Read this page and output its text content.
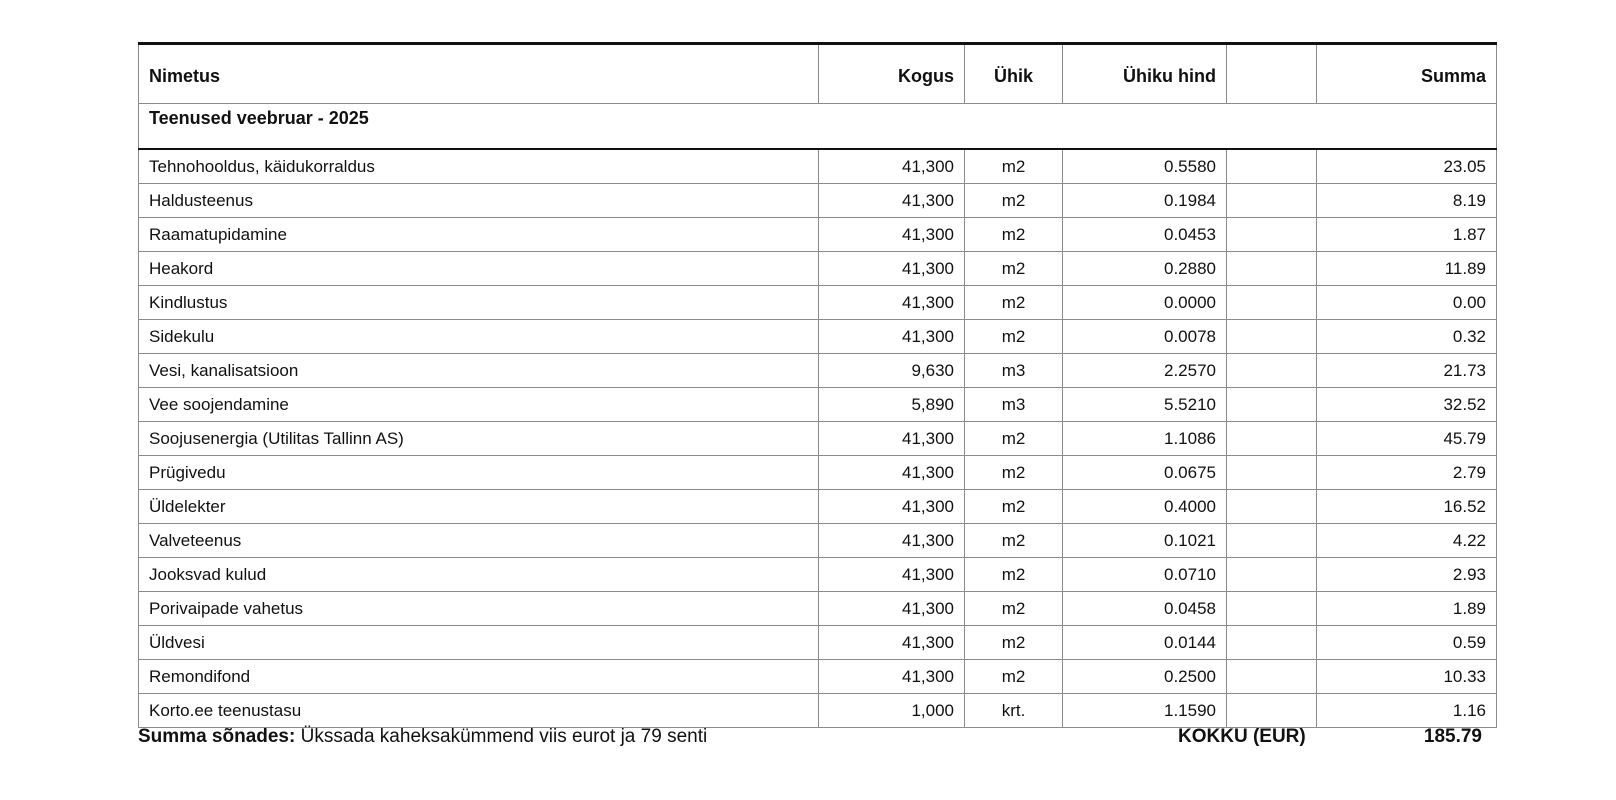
Nimetus	Kogus	Ühik	Ühiku hind		Summa
Teenused veebruar - 2025					
Tehnohooldus, käidukorraldus	41,300	m2	0.5580		23.05
Haldusteenus	41,300	m2	0.1984		8.19
Raamatupidamine	41,300	m2	0.0453		1.87
Heakord	41,300	m2	0.2880		11.89
Kindlustus	41,300	m2	0.0000		0.00
Sidekulu	41,300	m2	0.0078		0.32
Vesi, kanalisatsioon	9,630	m3	2.2570		21.73
Vee soojendamine	5,890	m3	5.5210		32.52
Soojusenergia (Utilitas Tallinn AS)	41,300	m2	1.1086		45.79
Prügivedu	41,300	m2	0.0675		2.79
Üldelekter	41,300	m2	0.4000		16.52
Valveteenus	41,300	m2	0.1021		4.22
Jooksvad kulud	41,300	m2	0.0710		2.93
Porivaipade vahetus	41,300	m2	0.0458		1.89
Üldvesi	41,300	m2	0.0144		0.59
Remondifond	41,300	m2	0.2500		10.33
Korto.ee teenustasu	1,000	krt.	1.1590		1.16
Summa sõnades: Ükssada kaheksakümmend viis eurot ja 79 senti	KOKKU (EUR)	185.79
